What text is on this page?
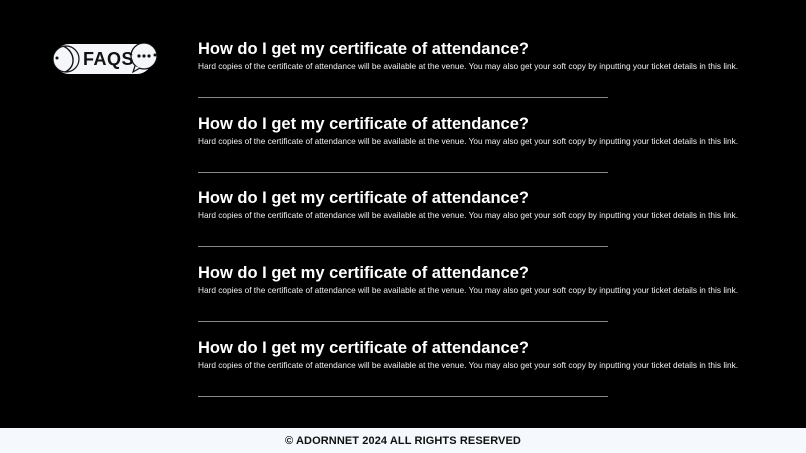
FAQS	How do I get my certificate of attendance?
Hard copies of the certificate of attendance will be available at the venue. You may also get your soft copy by inputting your ticket details in this link.
How do I get my certificate of attendance?
Hard copies of the certificate of attendance will be available at the venue. You may also get your soft copy by inputting your ticket details in this link.
How do I get my certificate of attendance?
Hard copies of the certificate of attendance will be available at the venue. You may also get your soft copy by inputting your ticket details in this link.
How do I get my certificate of attendance?
Hard copies of the certificate of attendance will be available at the venue. You may also get your soft copy by inputting your ticket details in this link.
How do I get my certificate of attendance?
Hard copies of the certificate of attendance will be available at the venue. You may also get your soft copy by inputting your ticket details in this link.
© ADORNNET 2024 ALL RIGHTS RESERVED
